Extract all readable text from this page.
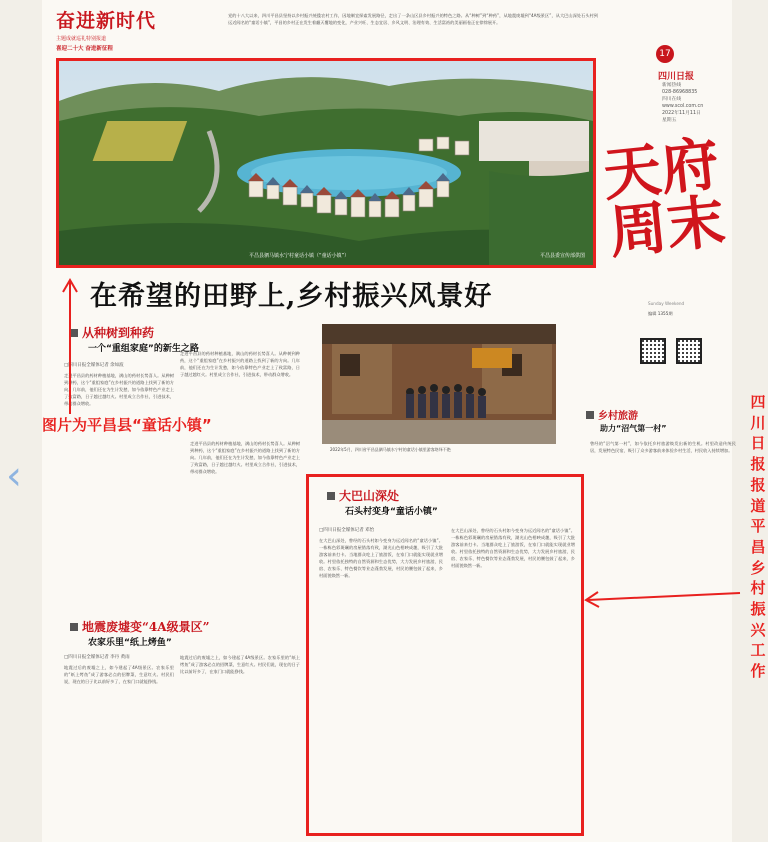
奋进新时代
主题成就巡礼特别报道
喜迎二十大 奋进新征程
党的十八大以来，四川平昌县坚持以乡村振兴统揽农村工作，因地制宜探索发展路径，走出了一条山区县乡村振兴的特色之路。从“种树”到“种药”，从地震废墟到“4A级景区”，从大巴山深处石头村到远近闻名的“童话小镇”，平昌的乡村正在发生着翻天覆地的变化，产业兴旺、生态宜居、乡风文明、治理有效、生活富裕的美丽画卷正在徐徐展开。
平昌县驷马镇水宁村童话小镇（“童话小镇”）	平昌县委宣传部供图
17
四川日报
新闻热线
028-86968835
四川在线
www.scol.com.cn
2022年11月11日
星期五
天府
周末
Sunday Weekend
编辑 1355期
在希望的田野上,乡村振兴风景好
从种树到种药
一个“重组家庭”的新生之路
□四川日报全媒体记者 余如波
走进平昌县的药材种植基地，满山的药材长势喜人。从种树到种药，这个“重组家庭”在乡村振兴的道路上找到了新的方向。几年前，他们还在为生计发愁，如今依靠特色产业走上了致富路，日子越过越红火。村里成立合作社，引进技术，带动群众增收。
走进平昌县的药材种植基地，满山的药材长势喜人。从种树到种药，这个“重组家庭”在乡村振兴的道路上找到了新的方向。几年前，他们还在为生计发愁，如今依靠特色产业走上了致富路，日子越过越红火。村里成立合作社，引进技术，带动群众增收。
图片为平昌县“童话小镇”
走进平昌县的药材种植基地，满山的药材长势喜人。从种树到种药，这个“重组家庭”在乡村振兴的道路上找到了新的方向。几年前，他们还在为生计发愁，如今依靠特色产业走上了致富路，日子越过越红火。村里成立合作社，引进技术，带动群众增收。
2022年5月，四川省平昌县驷马镇水宁村的童话小镇里游客络绎不绝
大巴山深处
石头村变身“童话小镇”
□四川日报全媒体记者 邓怡
在大巴山深处，曾经的石头村如今变身为远近闻名的“童话小镇”。一栋栋色彩斑斓的房屋错落有致，湖光山色相映成趣，吸引了大批游客前来打卡。当地群众吃上了旅游饭，在家门口就能实现就业增收。村里依托独特的自然资源和生态优势，大力发展乡村旅游，民宿、农家乐、特色餐饮等业态蓬勃发展，村民的腰包鼓了起来，乡村面貌焕然一新。
在大巴山深处，曾经的石头村如今变身为远近闻名的“童话小镇”。一栋栋色彩斑斓的房屋错落有致，湖光山色相映成趣，吸引了大批游客前来打卡。当地群众吃上了旅游饭，在家门口就能实现就业增收。村里依托独特的自然资源和生态优势，大力发展乡村旅游，民宿、农家乐、特色餐饮等业态蓬勃发展，村民的腰包鼓了起来，乡村面貌焕然一新。
地震废墟变“4A级景区”
农家乐里“纸上烤鱼”
□四川日报全媒体记者 李丹 黄雨
地震过后的废墟之上，如今建起了4A级景区。农家乐里的“纸上烤鱼”成了游客必点的招牌菜，生意红火。村民们说，现在的日子比以前好多了，在家门口就能挣钱。
地震过后的废墟之上，如今建起了4A级景区。农家乐里的“纸上烤鱼”成了游客必点的招牌菜，生意红火。村民们说，现在的日子比以前好多了，在家门口就能挣钱。
乡村旅游
助力“沼气第一村”
曾经的“沼气第一村”，如今依托乡村旅游焕发出新的生机。村里改造传统民居，发展特色民宿，吸引了众多游客前来体验乡村生活，村民收入持续增加。
四川日报报道平昌乡村振兴工作
‹
